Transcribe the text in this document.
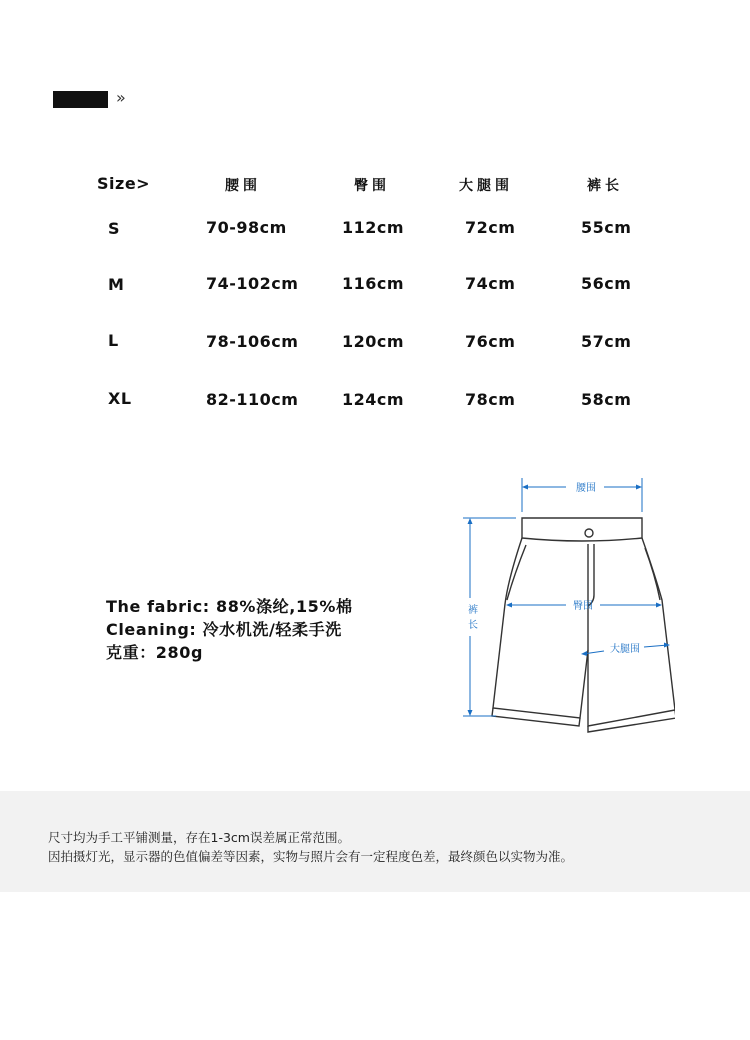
»
Size>	腰围	臀围	大腿围	裤长
S	70-98cm	112cm	72cm	55cm
M	74-102cm	116cm	74cm	56cm
L	78-106cm	120cm	76cm	57cm
XL	82-110cm	124cm	78cm	58cm
The fabric: 88%涤纶,15%棉
Cleaning: 冷水机洗/轻柔手洗
克重：280g
腰围
臀围
大腿围
裤
长
尺寸均为手工平铺测量，存在1-3cm误差属正常范围。
因拍摄灯光，显示器的色值偏差等因素，实物与照片会有一定程度色差，最终颜色以实物为准。
